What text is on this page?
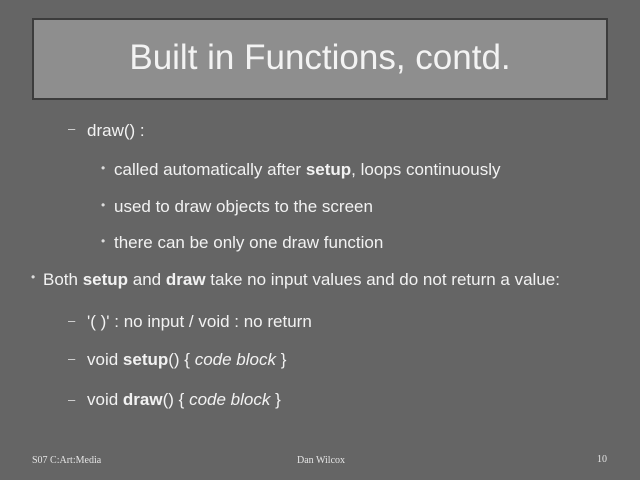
Built in Functions, contd.
– draw() :
• called automatically after setup, loops continuously
• used to draw objects to the screen
• there can be only one draw function
• Both setup and draw take no input values and do not return a value:
– '( )' : no input / void : no return
– void setup() { code block }
– void draw() { code block }
S07 C:Art:Media	Dan Wilcox	10
